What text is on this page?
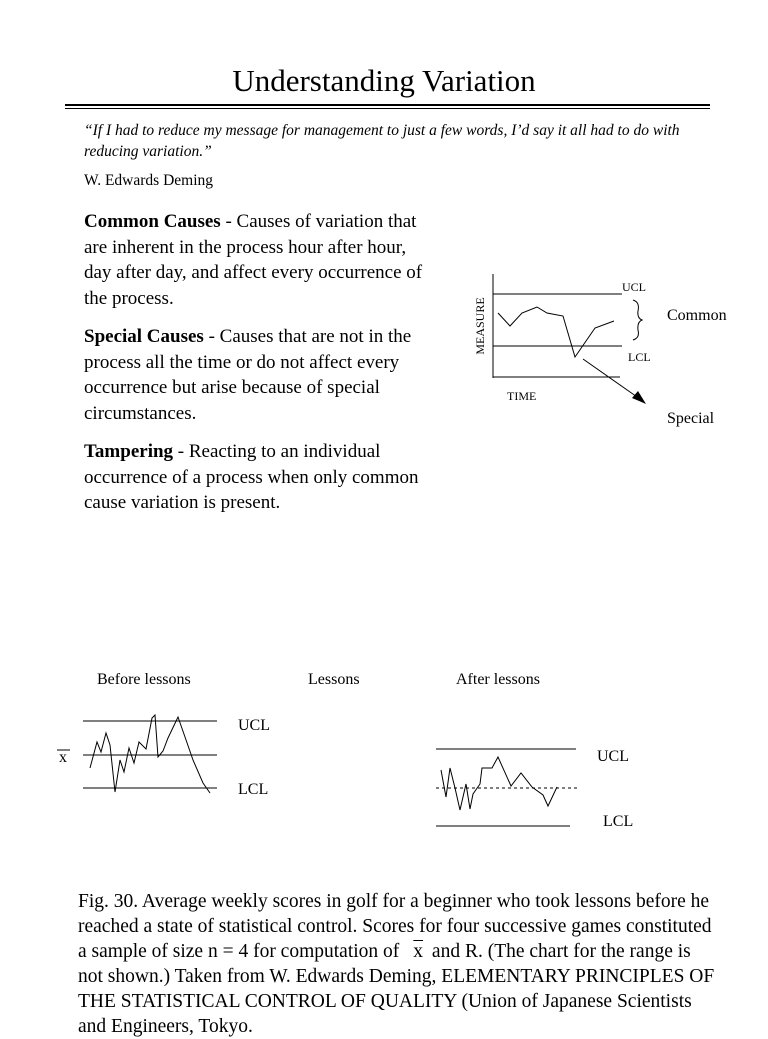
Understanding Variation
“If I had to reduce my message for management to just a few words, I’d say it all had to do with reducing variation.”
W. Edwards Deming
Common Causes - Causes of variation that are inherent in the process hour after hour, day after day, and affect every occurrence of the process.
Special Causes - Causes that are not in the process all the time or do not affect every occurrence but arise because of special circumstances.
Tampering - Reacting to an individual occurrence of a process when only common cause variation is present.
UCL
LCL
TIME
MEASURE	Common
Special
Before lessons	Lessons	After lessons
x
UCL
LCL
UCL
LCL
Fig. 30. Average weekly scores in golf for a beginner who took lessons before he reached a state of statistical control. Scores for four successive games constituted a sample of size n = 4 for computation of $\overline{x}$ and R. (The chart for the range is not shown.) Taken from W. Edwards Deming, ELEMENTARY PRINCIPLES OF THE STATISTICAL CONTROL OF QUALITY (Union of Japanese Scientists and Engineers, Tokyo.
